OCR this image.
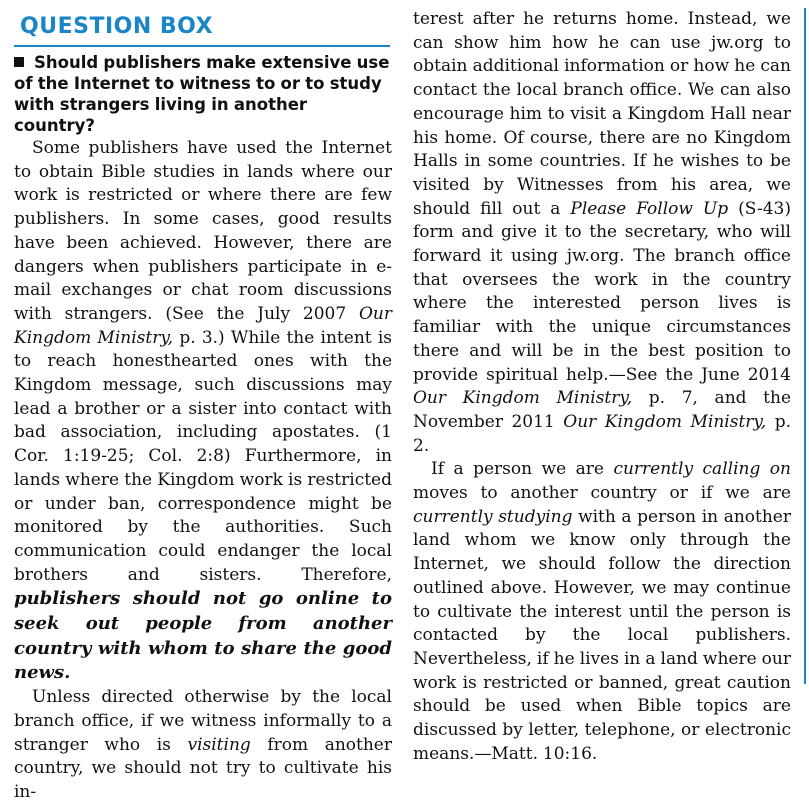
QUESTION BOX
Should publishers make extensive use of the Internet to witness to or to study with strangers living in another country?

Some publishers have used the Internet to obtain Bible studies in lands where our work is restricted or where there are few publishers. In some cases, good results have been achieved. However, there are dangers when publishers participate in e-mail exchanges or chat room discussions with strangers. (See the July 2007 Our Kingdom Ministry, p. 3.) While the intent is to reach honesthearted ones with the Kingdom message, such discussions may lead a brother or a sister into contact with bad association, including apostates. (1 Cor. 1:19-25; Col. 2:8) Furthermore, in lands where the Kingdom work is restricted or under ban, correspondence might be monitored by the authorities. Such communication could endanger the local brothers and sisters. Therefore, publishers should not go online to seek out people from another country with whom to share the good news.

Unless directed otherwise by the local branch office, if we witness informally to a stranger who is visiting from another country, we should not try to cultivate his in-

terest after he returns home. Instead, we can show him how he can use jw.org to obtain additional information or how he can contact the local branch office. We can also encourage him to visit a Kingdom Hall near his home. Of course, there are no Kingdom Halls in some countries. If he wishes to be visited by Witnesses from his area, we should fill out a Please Follow Up (S-43) form and give it to the secretary, who will forward it using jw.org. The branch office that oversees the work in the country where the interested person lives is familiar with the unique circumstances there and will be in the best position to provide spiritual help.—See the June 2014 Our Kingdom Ministry, p. 7, and the November 2011 Our Kingdom Ministry, p. 2.

If a person we are currently calling on moves to another country or if we are currently studying with a person in another land whom we know only through the Internet, we should follow the direction outlined above. However, we may continue to cultivate the interest until the person is contacted by the local publishers. Nevertheless, if he lives in a land where our work is restricted or banned, great caution should be used when Bible topics are discussed by letter, telephone, or electronic means.—Matt. 10:16.
